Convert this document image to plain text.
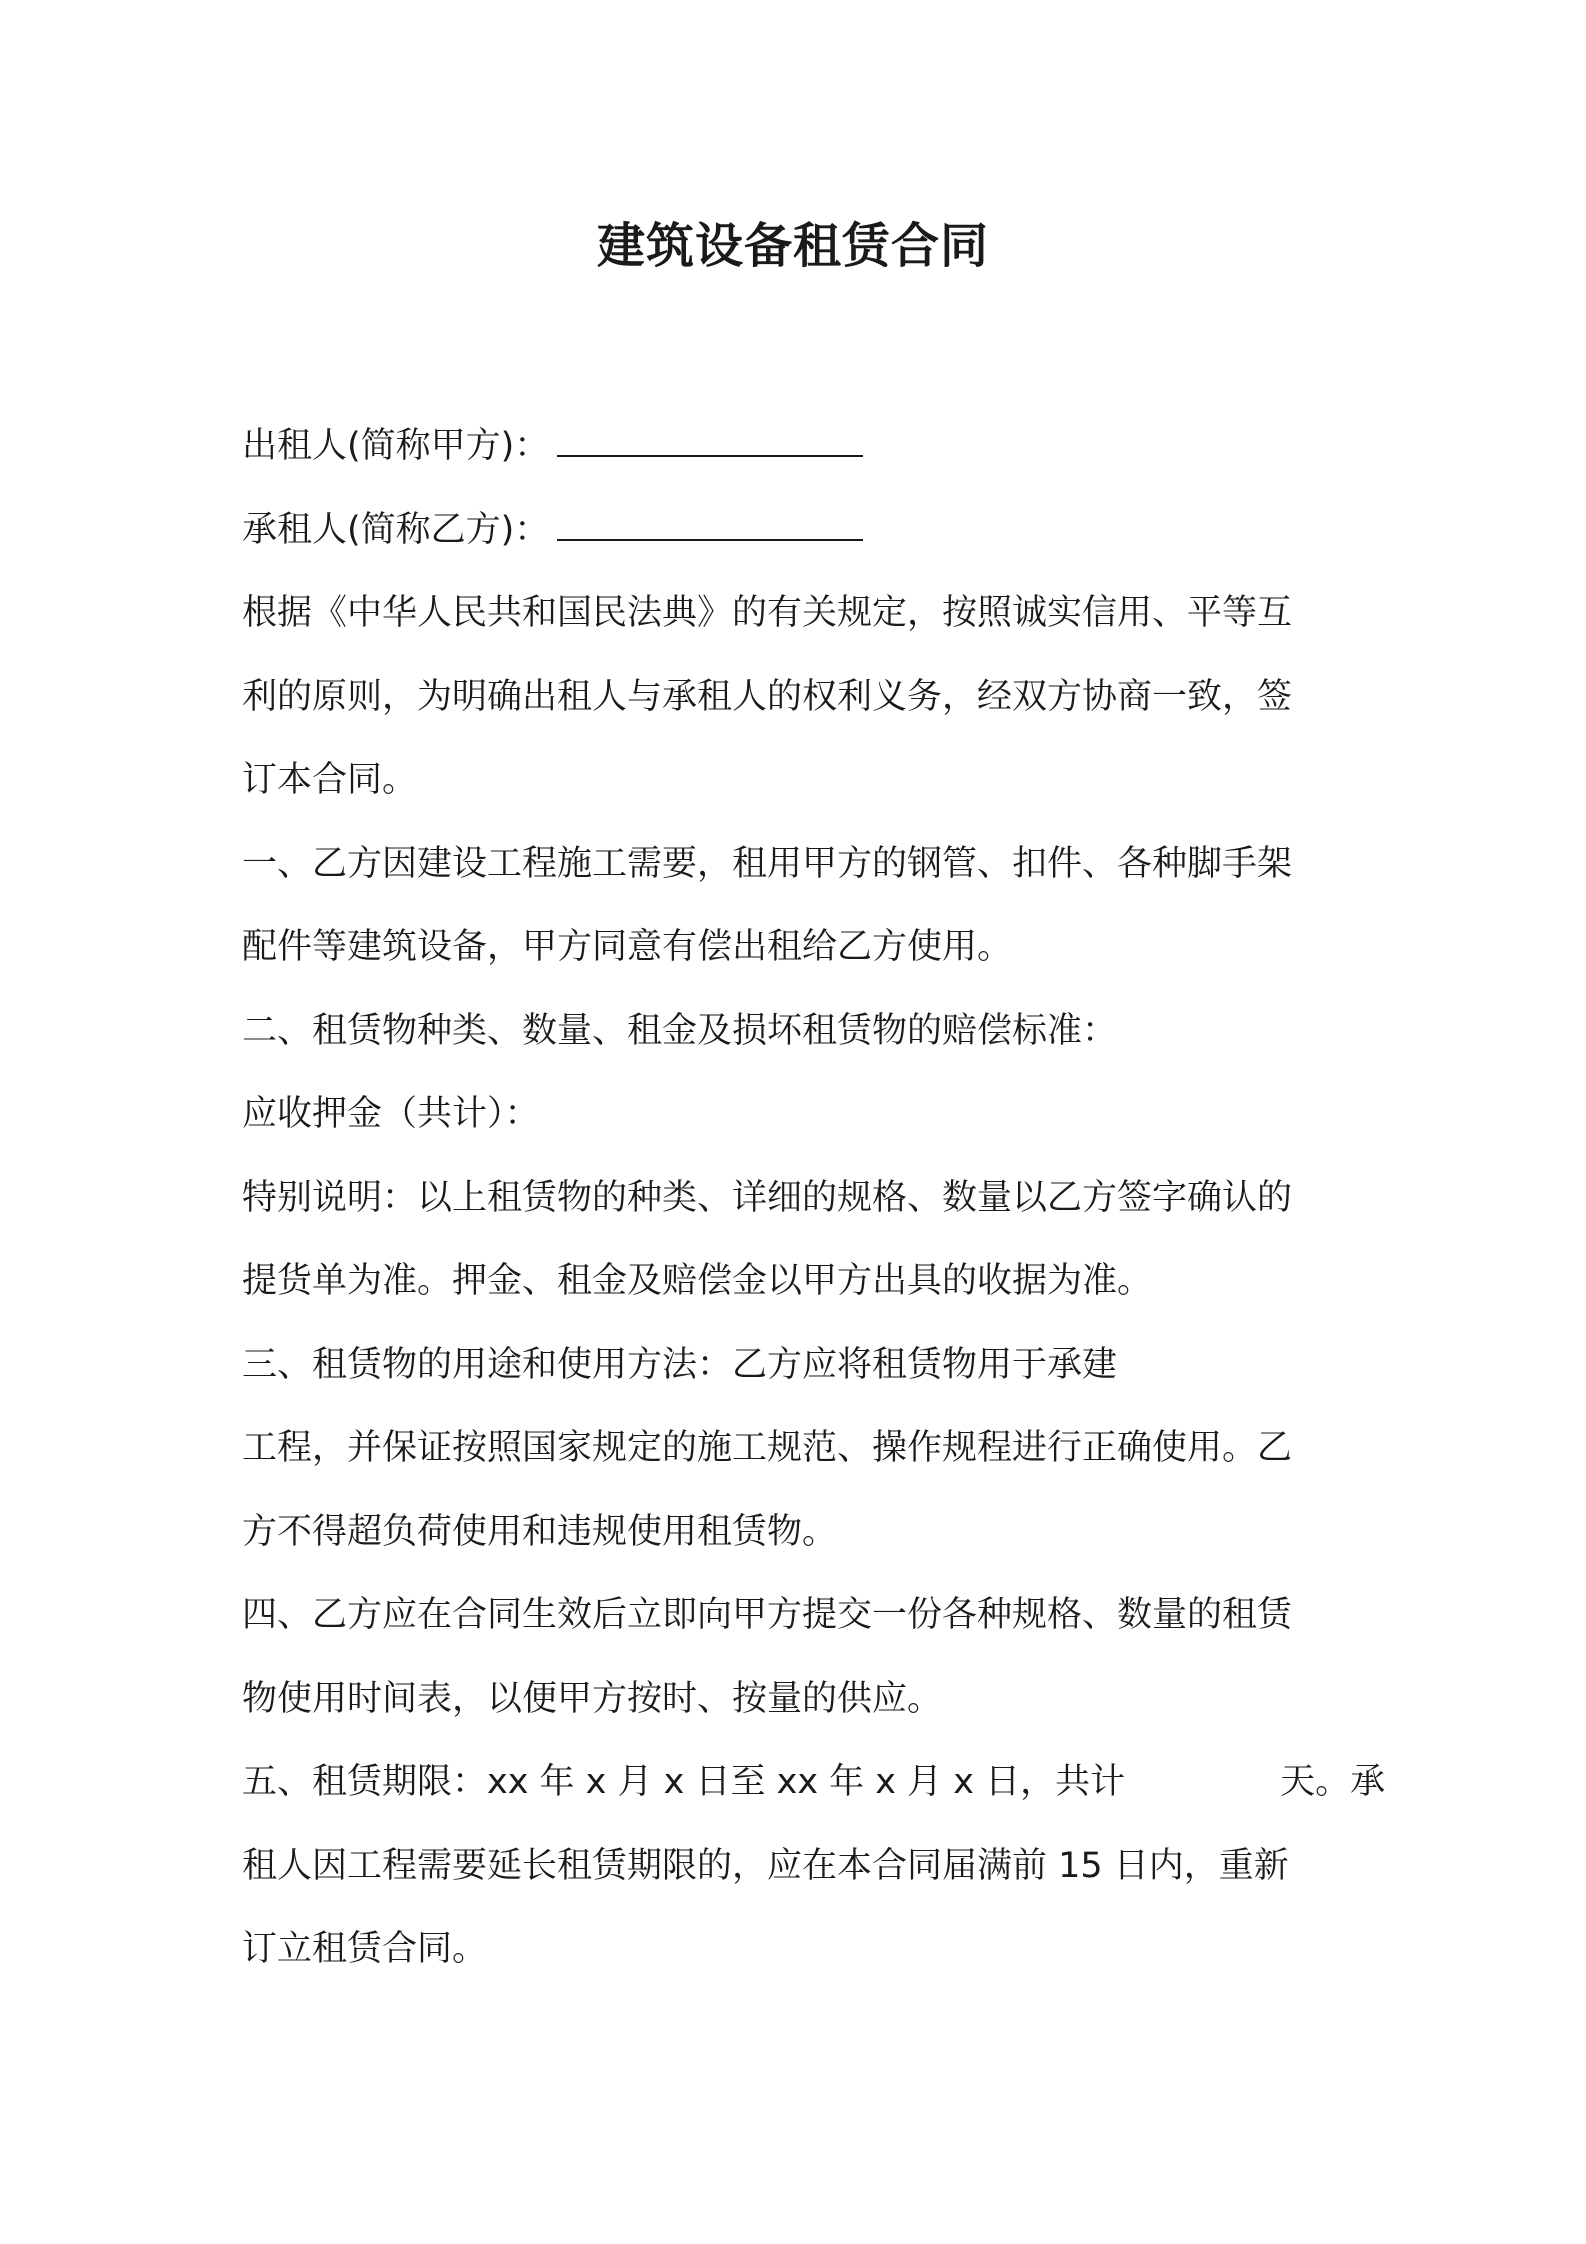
建筑设备租赁合同
出租人(简称甲方)：
承租人(简称乙方)：
根据《中华人民共和国民法典》的有关规定，按照诚实信用、平等互
利的原则，为明确出租人与承租人的权利义务，经双方协商一致，签
订本合同。
一、乙方因建设工程施工需要，租用甲方的钢管、扣件、各种脚手架
配件等建筑设备，甲方同意有偿出租给乙方使用。
二、租赁物种类、数量、租金及损坏租赁物的赔偿标准：
应收押金（共计）：
特别说明：以上租赁物的种类、详细的规格、数量以乙方签字确认的
提货单为准。押金、租金及赔偿金以甲方出具的收据为准。
三、租赁物的用途和使用方法：乙方应将租赁物用于承建
工程，并保证按照国家规定的施工规范、操作规程进行正确使用。乙
方不得超负荷使用和违规使用租赁物。
四、乙方应在合同生效后立即向甲方提交一份各种规格、数量的租赁
物使用时间表，以便甲方按时、按量的供应。
五、租赁期限：xx 年 x 月 x 日至 xx 年 x 月 x 日，共计	天。承
租人因工程需要延长租赁期限的，应在本合同届满前 15 日内，重新
订立租赁合同。
